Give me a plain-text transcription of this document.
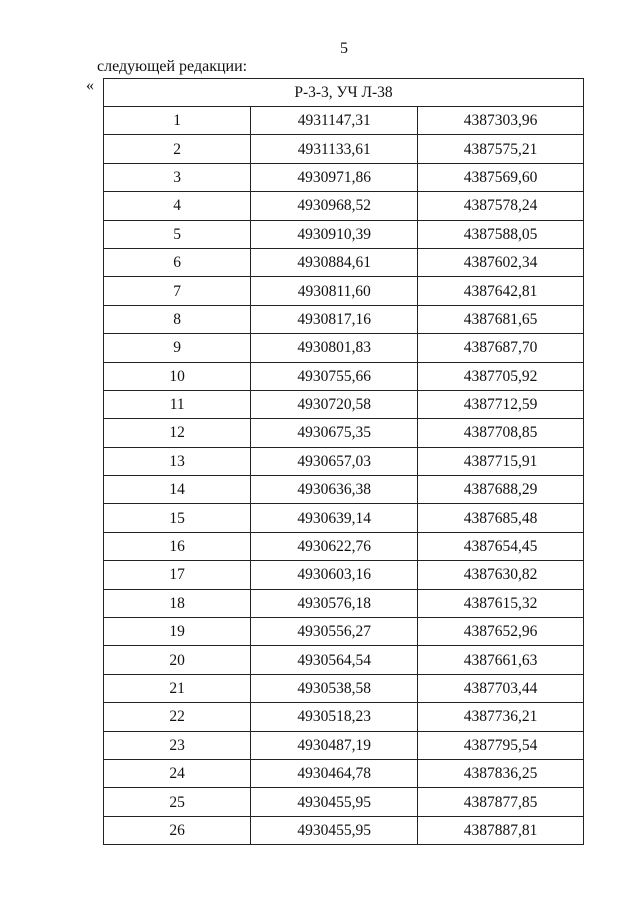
5
следующей редакции:
«	Р-3-3, УЧ Л-38		
1	4931147,31	4387303,96
2	4931133,61	4387575,21
3	4930971,86	4387569,60
4	4930968,52	4387578,24
5	4930910,39	4387588,05
6	4930884,61	4387602,34
7	4930811,60	4387642,81
8	4930817,16	4387681,65
9	4930801,83	4387687,70
10	4930755,66	4387705,92
11	4930720,58	4387712,59
12	4930675,35	4387708,85
13	4930657,03	4387715,91
14	4930636,38	4387688,29
15	4930639,14	4387685,48
16	4930622,76	4387654,45
17	4930603,16	4387630,82
18	4930576,18	4387615,32
19	4930556,27	4387652,96
20	4930564,54	4387661,63
21	4930538,58	4387703,44
22	4930518,23	4387736,21
23	4930487,19	4387795,54
24	4930464,78	4387836,25
25	4930455,95	4387877,85
26	4930455,95	4387887,81
